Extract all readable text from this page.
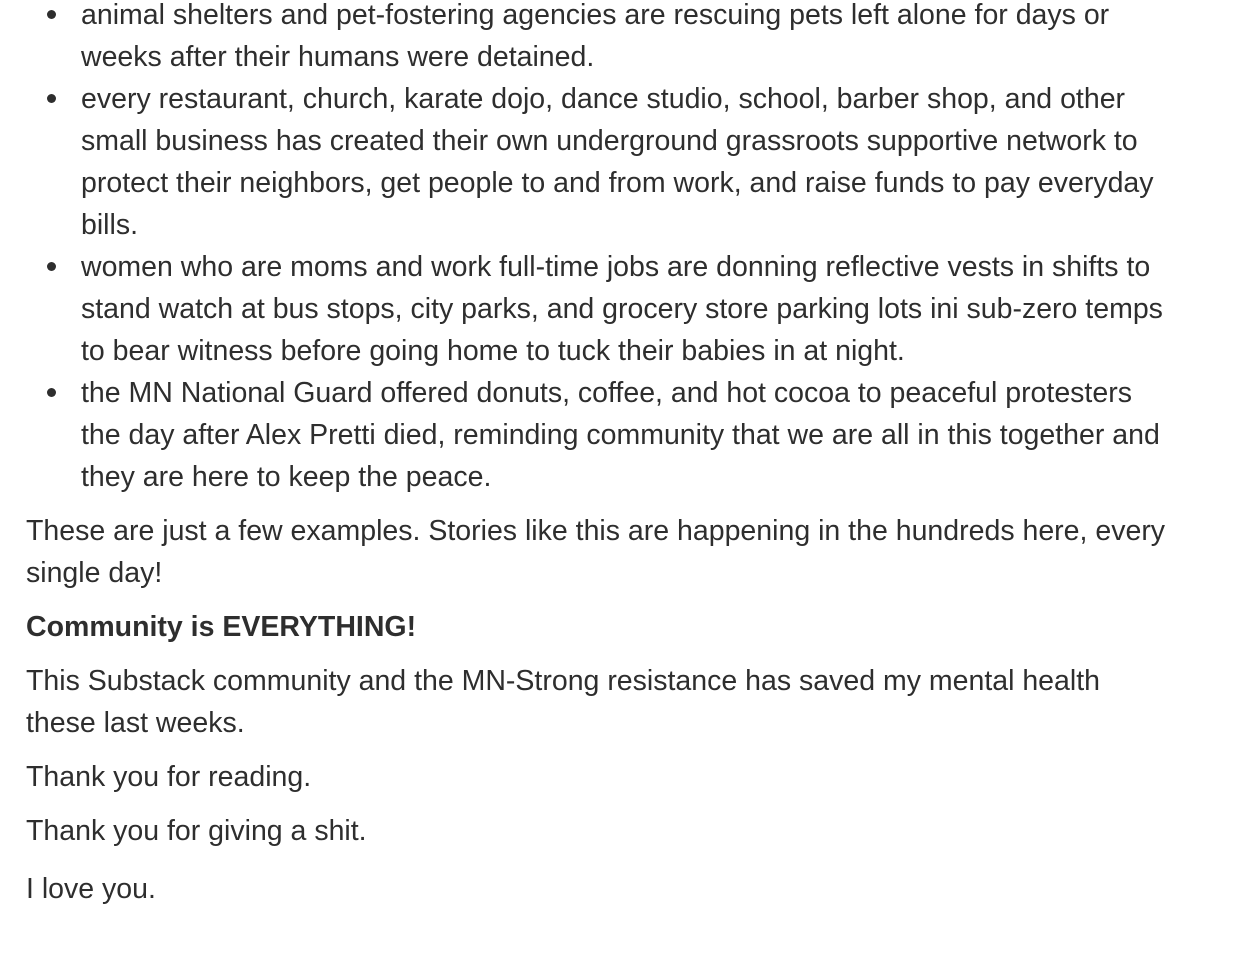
animal shelters and pet-fostering agencies are rescuing pets left alone for days or weeks after their humans were detained.
every restaurant, church, karate dojo, dance studio, school, barber shop, and other small business has created their own underground grassroots supportive network to protect their neighbors, get people to and from work, and raise funds to pay everyday bills.
women who are moms and work full-time jobs are donning reflective vests in shifts to stand watch at bus stops, city parks, and grocery store parking lots ini sub-zero temps to bear witness before going home to tuck their babies in at night.
the MN National Guard offered donuts, coffee, and hot cocoa to peaceful protesters the day after Alex Pretti died, reminding community that we are all in this together and they are here to keep the peace.

These are just a few examples. Stories like this are happening in the hundreds here, every single day!

Community is EVERYTHING!

This Substack community and the MN-Strong resistance has saved my mental health these last weeks.

Thank you for reading.

Thank you for giving a shit.

I love you.
